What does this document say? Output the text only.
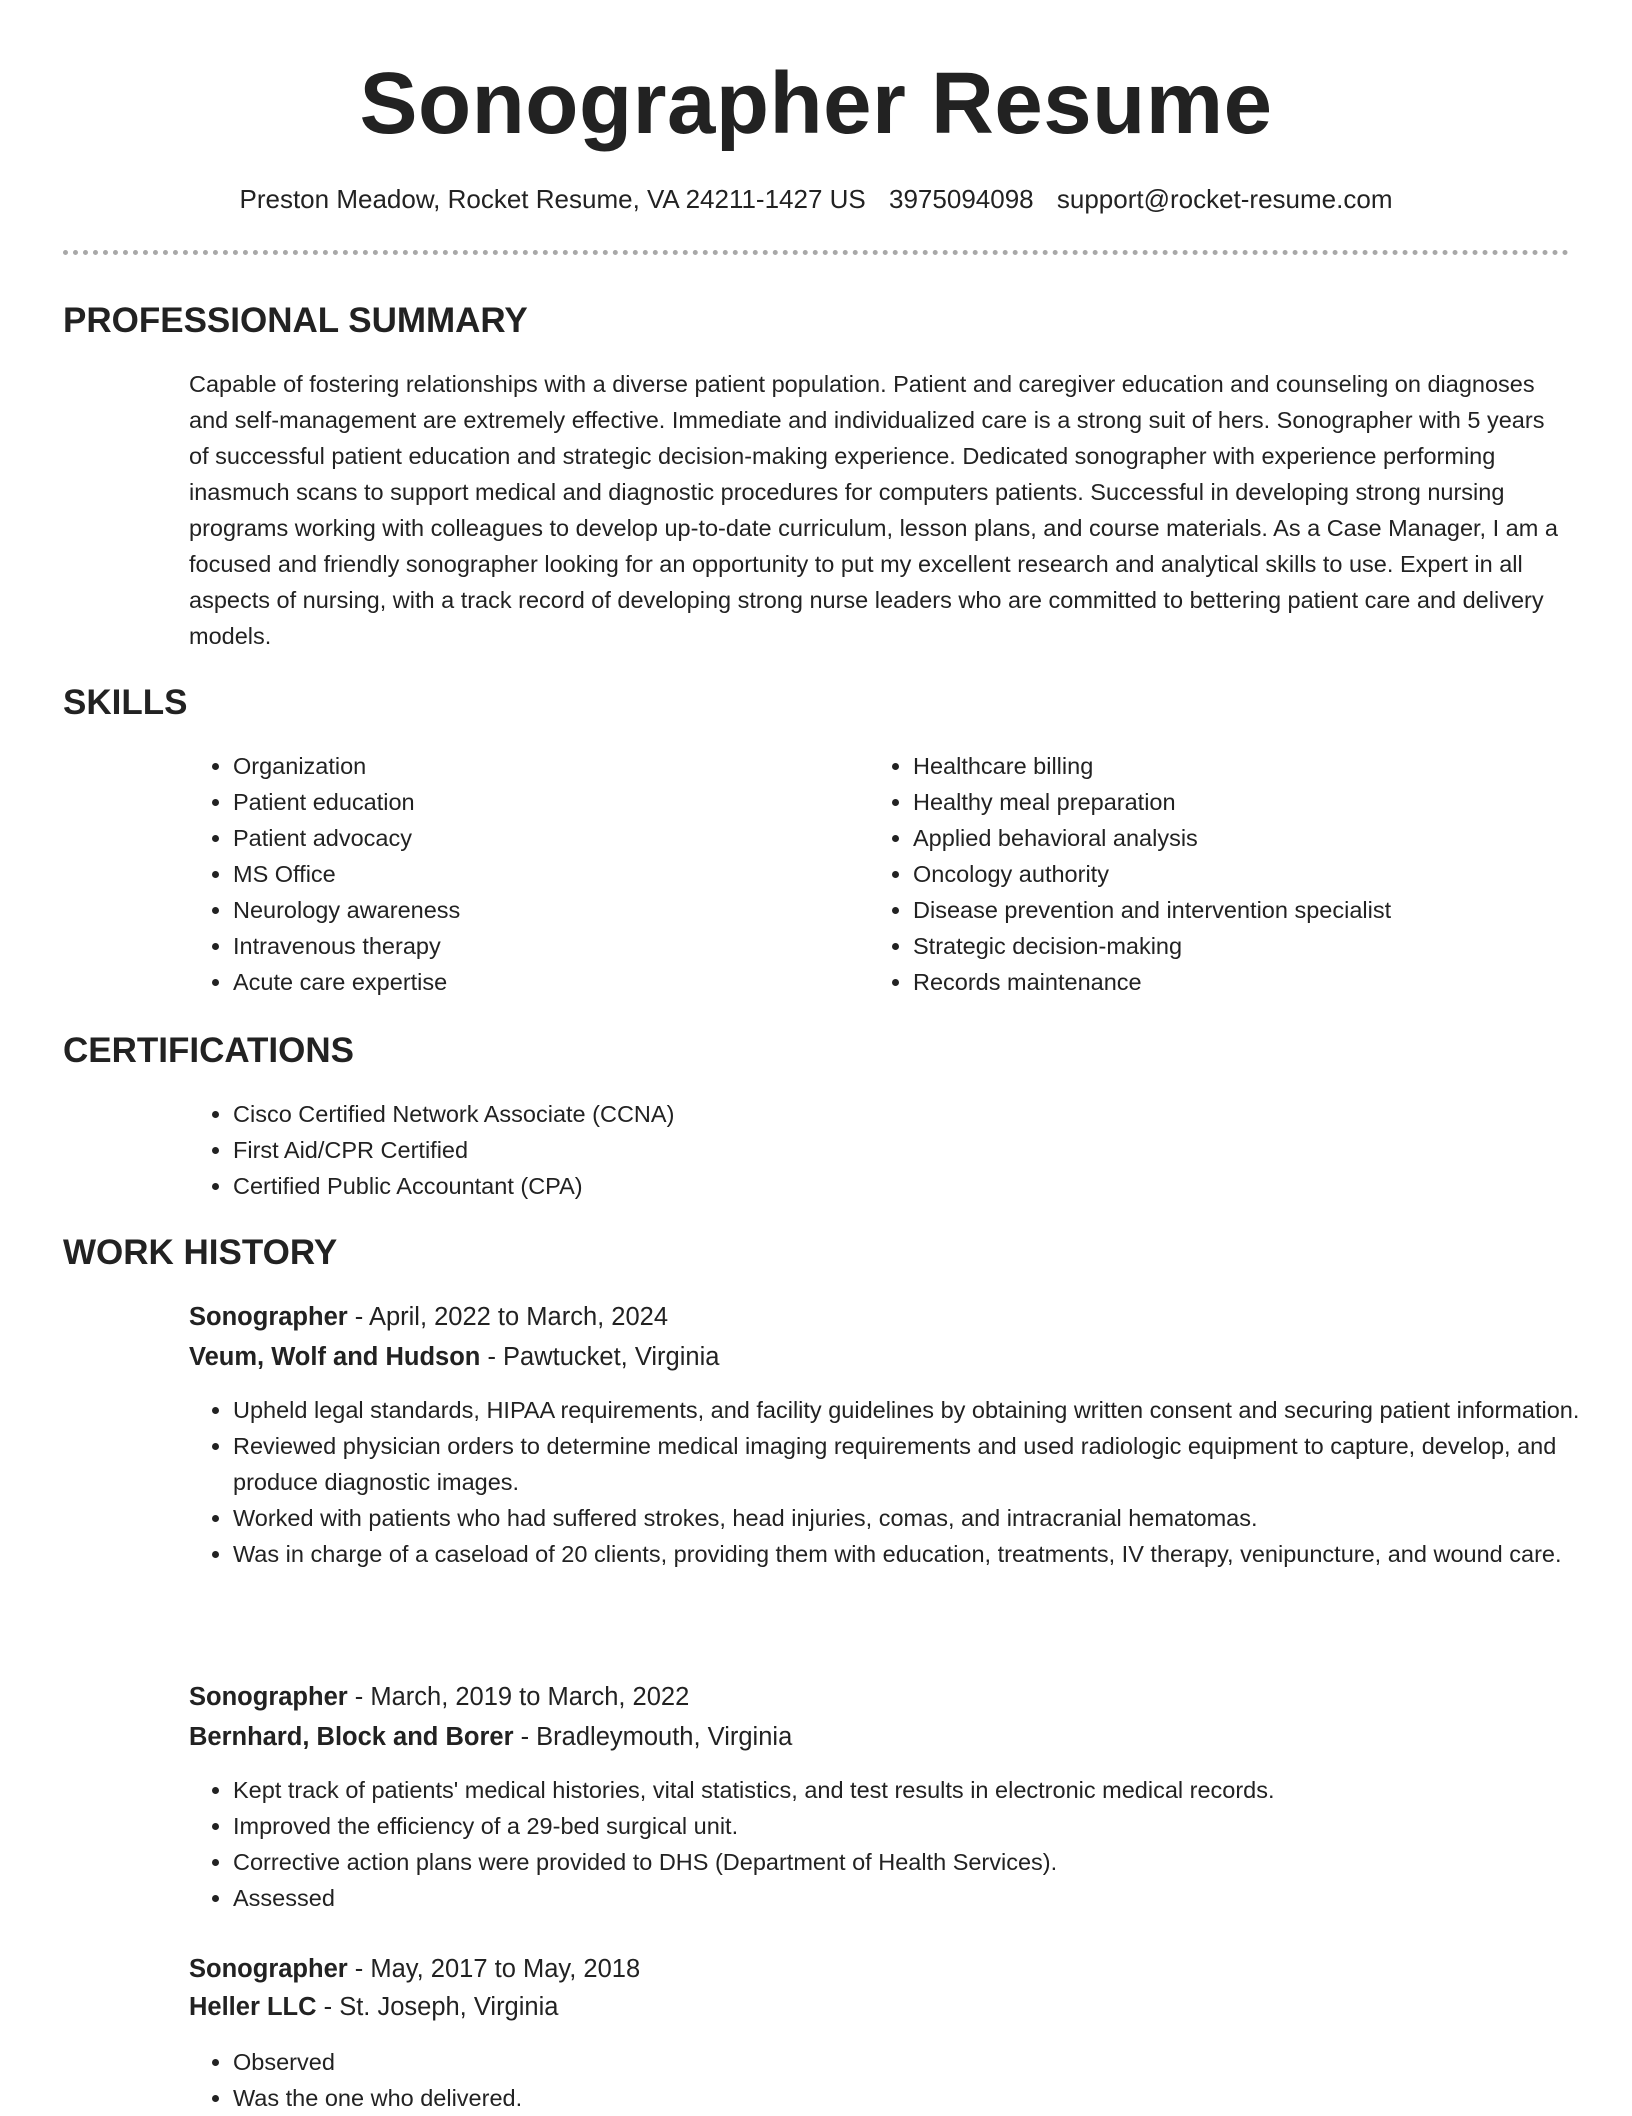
Sonographer Resume
Preston Meadow, Rocket Resume, VA 24211-1427 US 3975094098 support@rocket-resume.com
PROFESSIONAL SUMMARY

Capable of fostering relationships with a diverse patient population. Patient and caregiver education and counseling on diagnoses and self-management are extremely effective. Immediate and individualized care is a strong suit of hers. Sonographer with 5 years of successful patient education and strategic decision-making experience. Dedicated sonographer with experience performing inasmuch scans to support medical and diagnostic procedures for computers patients. Successful in developing strong nursing programs working with colleagues to develop up-to-date curriculum, lesson plans, and course materials. As a Case Manager, I am a focused and friendly sonographer looking for an opportunity to put my excellent research and analytical skills to use. Expert in all aspects of nursing, with a track record of developing strong nurse leaders who are committed to bettering patient care and delivery models.

SKILLS
• Organization
• Patient education
• Patient advocacy
• MS Office
• Neurology awareness
• Intravenous therapy
• Acute care expertise
• Healthcare billing
• Healthy meal preparation
• Applied behavioral analysis
• Oncology authority
• Disease prevention and intervention specialist
• Strategic decision-making
• Records maintenance
CERTIFICATIONS
• Cisco Certified Network Associate (CCNA)
• First Aid/CPR Certified
• Certified Public Accountant (CPA)
WORK HISTORY
Sonographer - April, 2022 to March, 2024
Veum, Wolf and Hudson - Pawtucket, Virginia
• Upheld legal standards, HIPAA requirements, and facility guidelines by obtaining written consent and securing patient information.
• Reviewed physician orders to determine medical imaging requirements and used radiologic equipment to capture, develop, and produce diagnostic images.
• Worked with patients who had suffered strokes, head injuries, comas, and intracranial hematomas.
• Was in charge of a caseload of 20 clients, providing them with education, treatments, IV therapy, venipuncture, and wound care.
Sonographer - March, 2019 to March, 2022
Bernhard, Block and Borer - Bradleymouth, Virginia
• Kept track of patients' medical histories, vital statistics, and test results in electronic medical records.
• Improved the efficiency of a 29-bed surgical unit.
• Corrective action plans were provided to DHS (Department of Health Services).
• Assessed
Sonographer - May, 2017 to May, 2018
Heller LLC - St. Joseph, Virginia
• Observed
• Was the one who delivered.
